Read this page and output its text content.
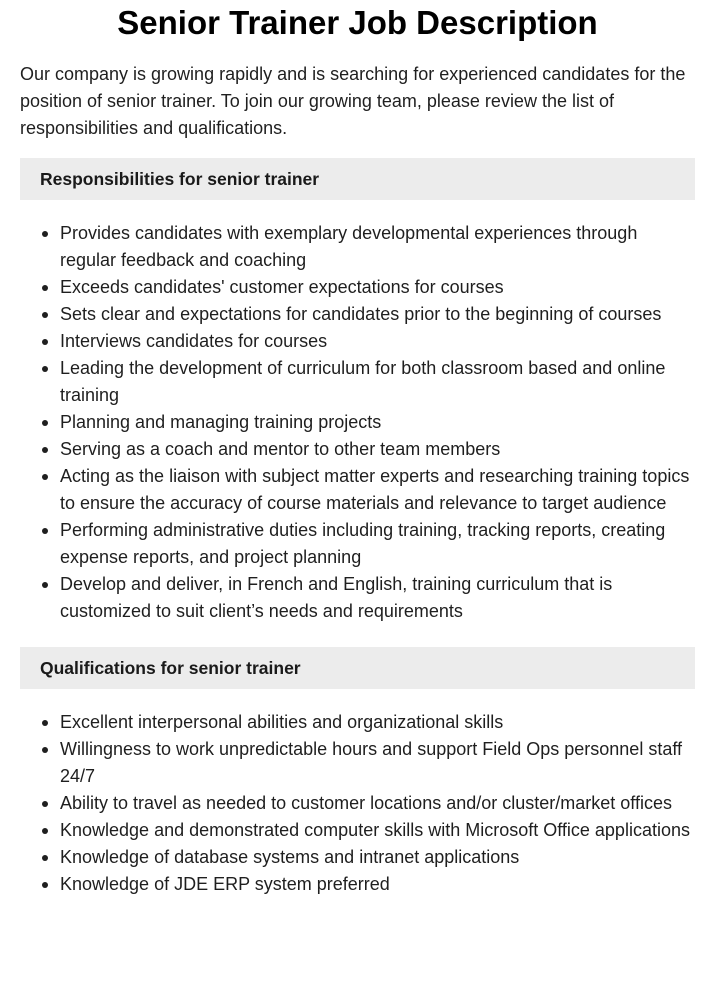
Senior Trainer Job Description

Our company is growing rapidly and is searching for experienced candidates for the position of senior trainer. To join our growing team, please review the list of responsibilities and qualifications.

Responsibilities for senior trainer
Provides candidates with exemplary developmental experiences through regular feedback and coaching
Exceeds candidates' customer expectations for courses
Sets clear and expectations for candidates prior to the beginning of courses
Interviews candidates for courses
Leading the development of curriculum for both classroom based and online training
Planning and managing training projects
Serving as a coach and mentor to other team members
Acting as the liaison with subject matter experts and researching training topics to ensure the accuracy of course materials and relevance to target audience
Performing administrative duties including training, tracking reports, creating expense reports, and project planning
Develop and deliver, in French and English, training curriculum that is customized to suit client’s needs and requirements
Qualifications for senior trainer
Excellent interpersonal abilities and organizational skills
Willingness to work unpredictable hours and support Field Ops personnel staff 24/7
Ability to travel as needed to customer locations and/or cluster/market offices
Knowledge and demonstrated computer skills with Microsoft Office applications
Knowledge of database systems and intranet applications
Knowledge of JDE ERP system preferred
